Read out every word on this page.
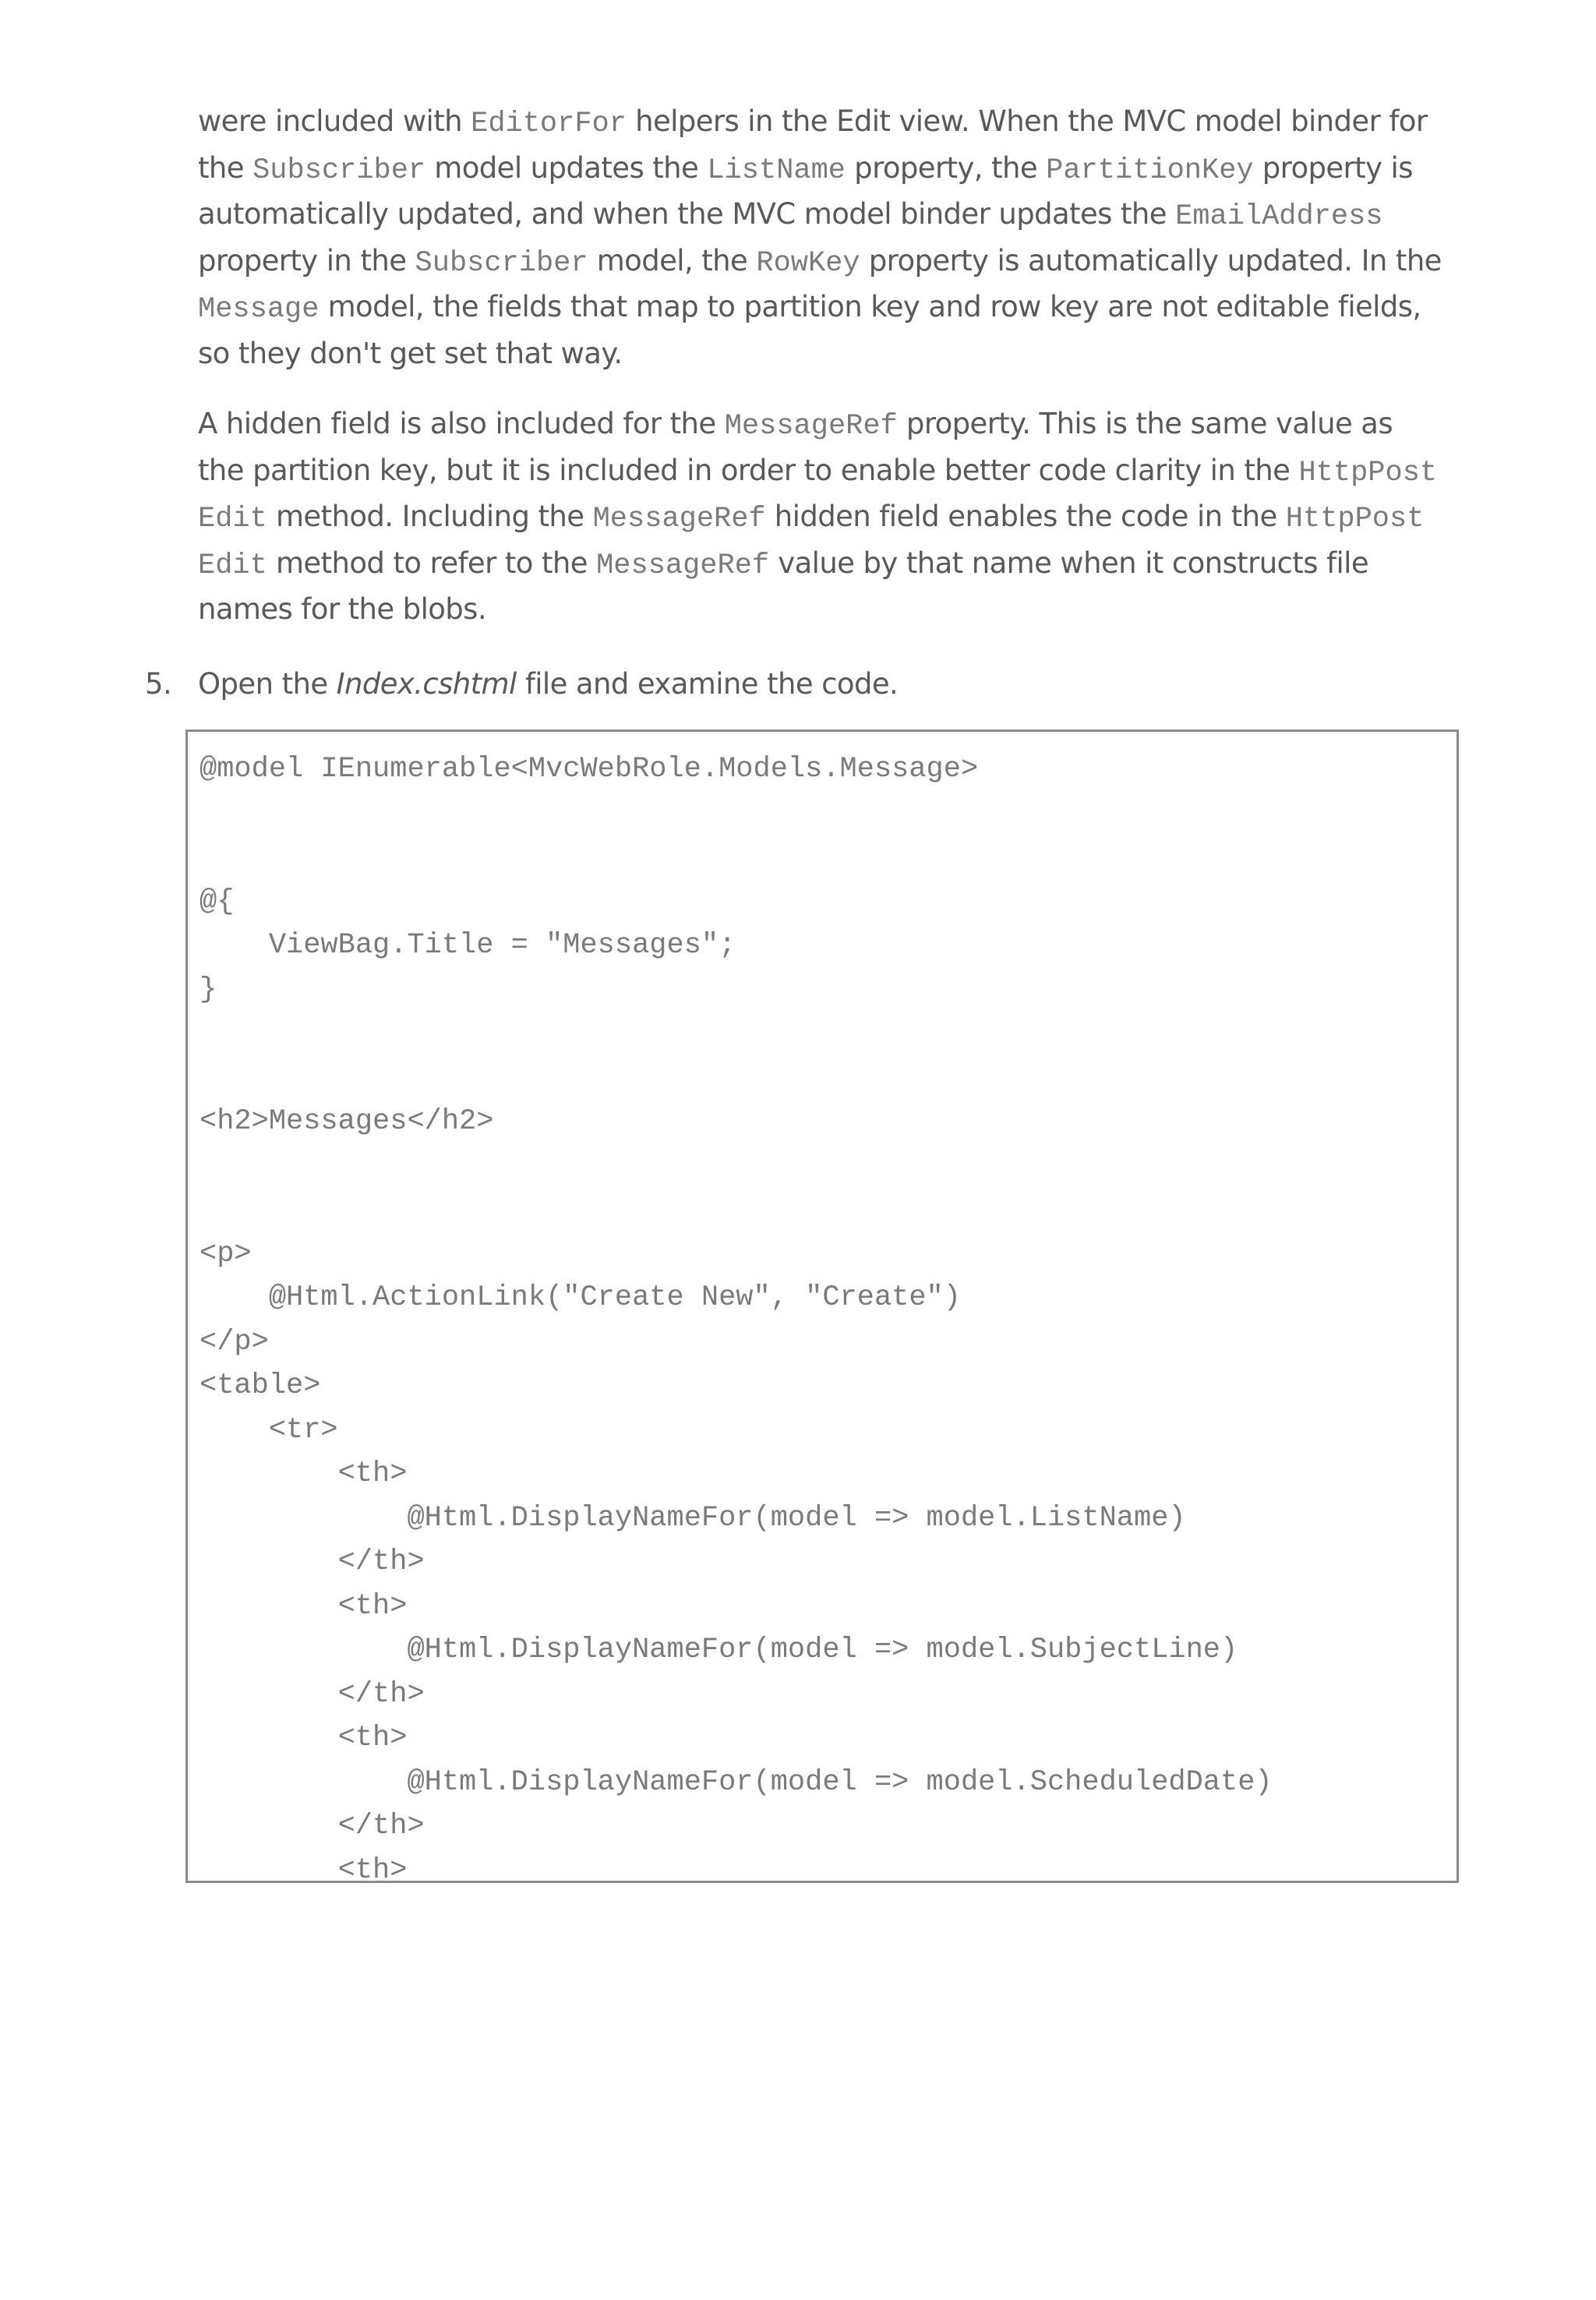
were included with EditorFor helpers in the Edit view. When the MVC model binder for the Subscriber model updates the ListName property, the PartitionKey property is automatically updated, and when the MVC model binder updates the EmailAddress property in the Subscriber model, the RowKey property is automatically updated. In the Message model, the fields that map to partition key and row key are not editable fields, so they don't get set that way.

A hidden field is also included for the MessageRef property. This is the same value as the partition key, but it is included in order to enable better code clarity in the HttpPost Edit method. Including the MessageRef hidden field enables the code in the HttpPost Edit method to refer to the MessageRef value by that name when it constructs file names for the blobs.

5. Open the Index.cshtml file and examine the code.
@model IEnumerable<MvcWebRole.Models.Message>
@{
ViewBag.Title = "Messages";
}
<h2>Messages</h2>
<p>
@Html.ActionLink("Create New", "Create")
</p>
<table>
<tr>
<th>
@Html.DisplayNameFor(model => model.ListName)
</th>
<th>
@Html.DisplayNameFor(model => model.SubjectLine)
</th>
<th>
@Html.DisplayNameFor(model => model.ScheduledDate)
</th>
<th>
